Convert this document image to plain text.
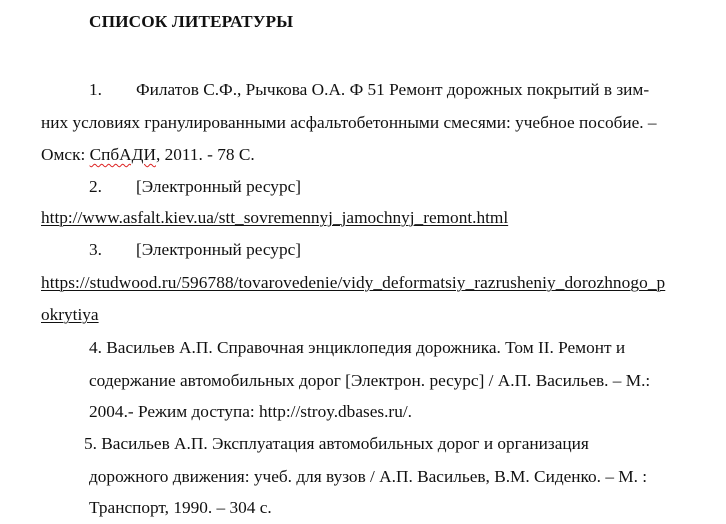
СПИСОК ЛИТЕРАТУРЫ
1. Филатов С.Ф., Рычкова О.А. Ф 51 Ремонт дорожных покрытий в зим-
них условиях гранулированными асфальтобетонными смесями: учебное пособие. –
Омск: СпбАДИ, 2011. - 78 С.
2. [Электронный ресурс]
http://www.asfalt.kiev.ua/stt_sovremennyj_jamochnyj_remont.html
3. [Электронный ресурс]
https://studwood.ru/596788/tovarovedenie/vidy_deformatsiy_razrusheniy_dorozhnogo_p
okrytiya
4. Васильев А.П. Справочная энциклопедия дорожника. Том II. Ремонт и
содержание автомобильных дорог [Электрон. ресурс] / А.П. Васильев. – М.:
2004.- Режим доступа: http://stroy.dbases.ru/.
5. Васильев А.П. Эксплуатация автомобильных дорог и организация
дорожного движения: учеб. для вузов / А.П. Васильев, В.М. Сиденко. – М. :
Транспорт, 1990. – 304 с.
